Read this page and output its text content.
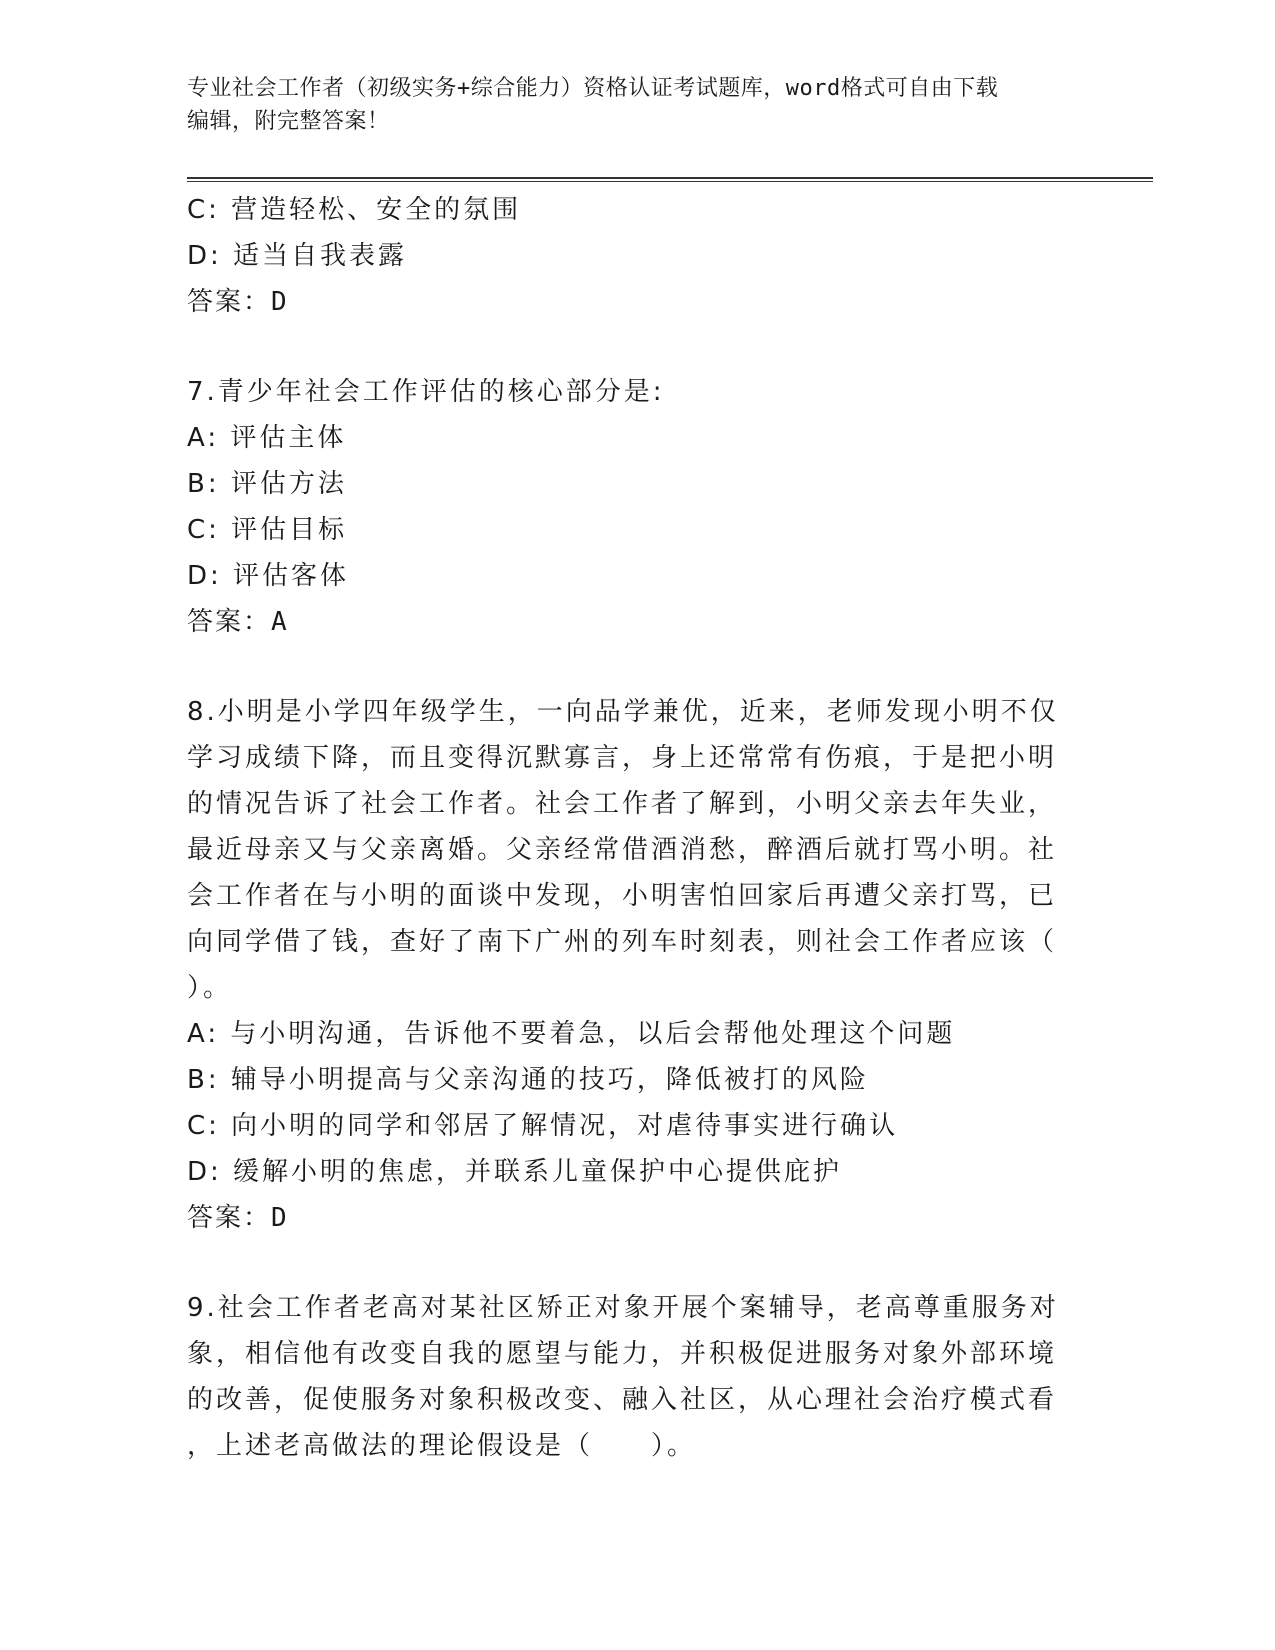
专业社会工作者（初级实务+综合能力）资格认证考试题库，word格式可自由下载
编辑，附完整答案！
C: 营造轻松、安全的氛围
D: 适当自我表露
答案：D
7.青少年社会工作评估的核心部分是:
A: 评估主体
B: 评估方法
C: 评估目标
D: 评估客体
答案：A
8.小明是小学四年级学生，一向品学兼优，近来，老师发现小明不仅
学习成绩下降，而且变得沉默寡言，身上还常常有伤痕，于是把小明
的情况告诉了社会工作者。社会工作者了解到，小明父亲去年失业，
最近母亲又与父亲离婚。父亲经常借酒消愁，醉酒后就打骂小明。社
会工作者在与小明的面谈中发现，小明害怕回家后再遭父亲打骂，已
向同学借了钱，查好了南下广州的列车时刻表，则社会工作者应该（
）。
A: 与小明沟通，告诉他不要着急，以后会帮他处理这个问题
B: 辅导小明提高与父亲沟通的技巧，降低被打的风险
C: 向小明的同学和邻居了解情况，对虐待事实进行确认
D: 缓解小明的焦虑，并联系儿童保护中心提供庇护
答案：D
9.社会工作者老高对某社区矫正对象开展个案辅导，老高尊重服务对
象，相信他有改变自我的愿望与能力，并积极促进服务对象外部环境
的改善，促使服务对象积极改变、融入社区，从心理社会治疗模式看
，上述老高做法的理论假设是（　　）。
